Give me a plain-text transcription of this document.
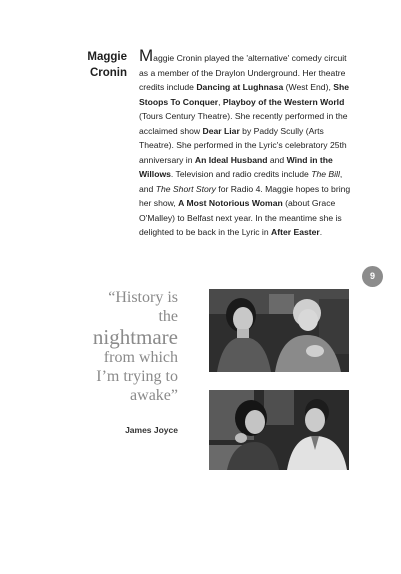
Maggie
Cronin

Maggie Cronin played the 'alternative' comedy circuit as a member of the Draylon Underground. Her theatre credits include Dancing at Lughnasa (West End), She Stoops To Conquer, Playboy of the Western World (Tours Century Theatre). She recently performed in the acclaimed show Dear Liar by Paddy Scully (Arts Theatre). She performed in the Lyric's celebratory 25th anniversary in An Ideal Husband and Wind in the Willows. Television and radio credits include The Bill, and The Short Story for Radio 4. Maggie hopes to bring her show, A Most Notorious Woman (about Grace O'Malley) to Belfast next year. In the meantime she is delighted to be back in the Lyric in After Easter.

9
“History is
the
nightmare
from which
I’m trying to
awake”
James Joyce
